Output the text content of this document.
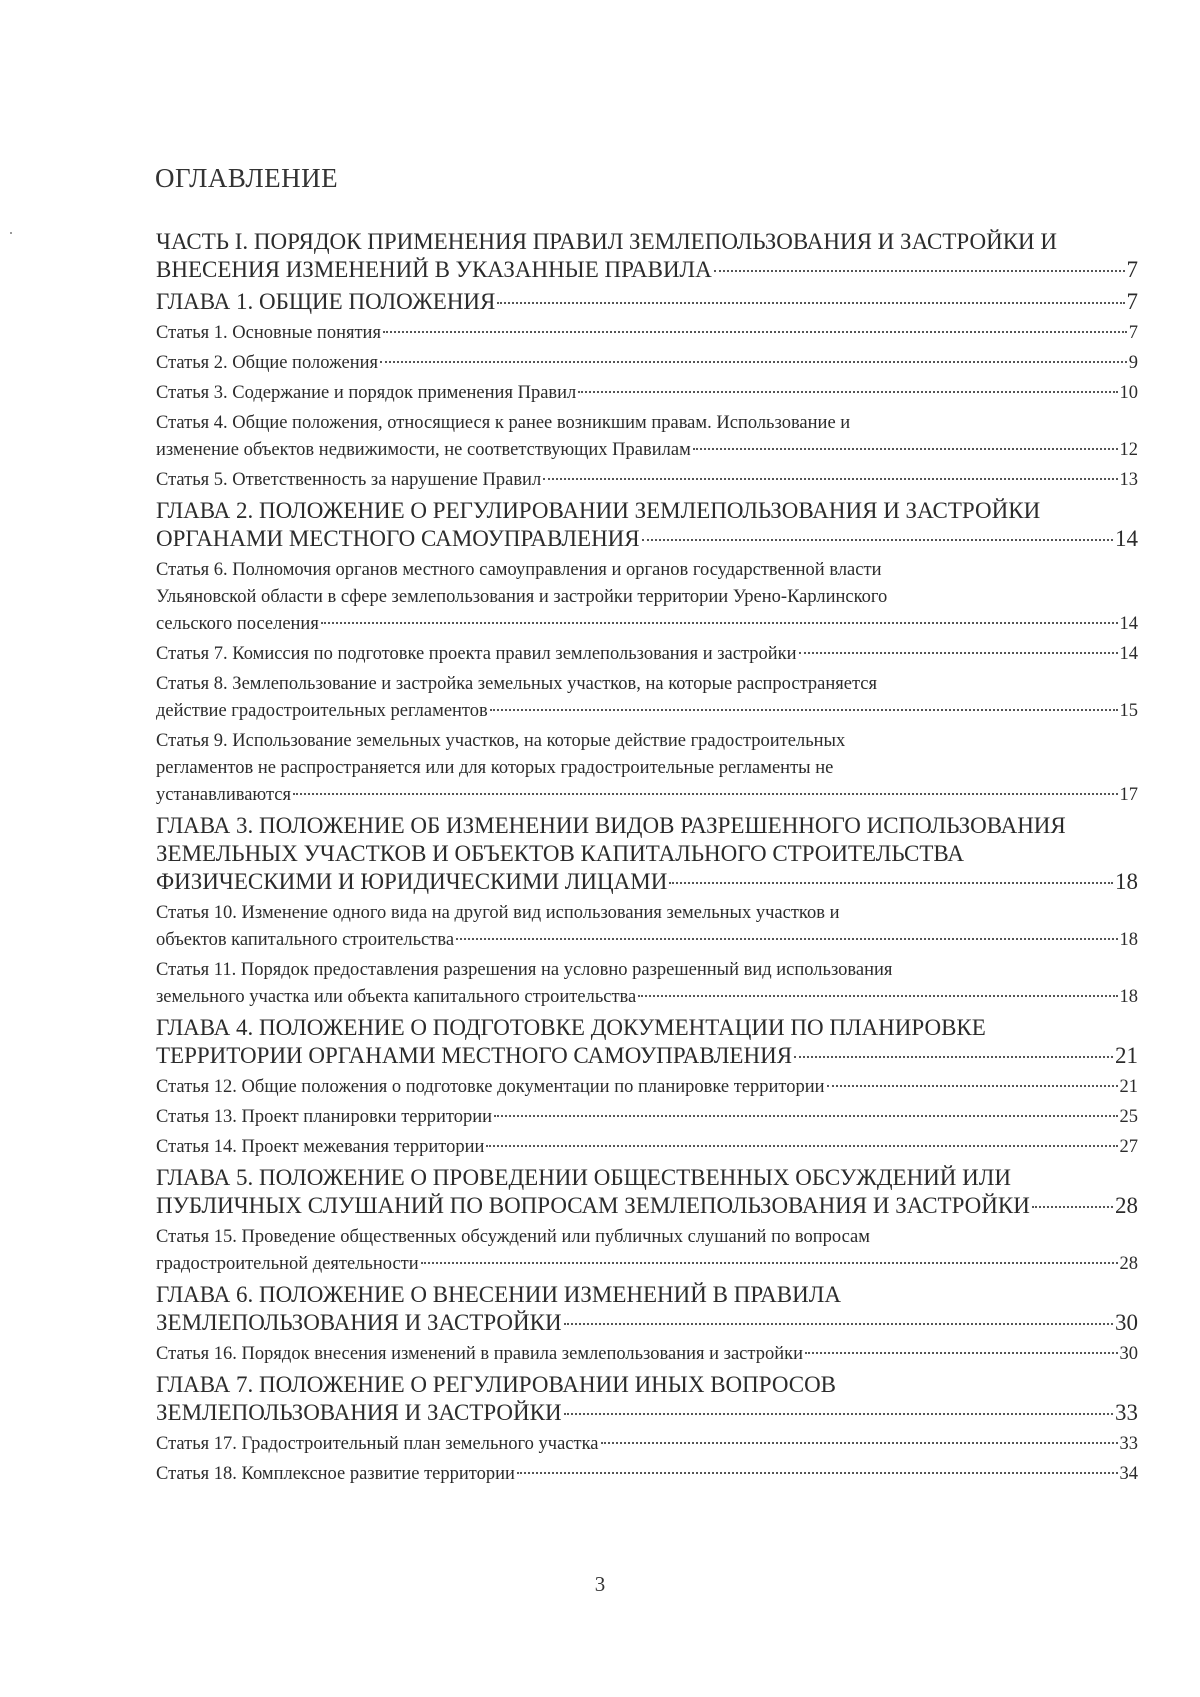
ОГЛАВЛЕНИЕ
ЧАСТЬ I. ПОРЯДОК ПРИМЕНЕНИЯ ПРАВИЛ ЗЕМЛЕПОЛЬЗОВАНИЯ И ЗАСТРОЙКИ И
ВНЕСЕНИЯ ИЗМЕНЕНИЙ В УКАЗАННЫЕ ПРАВИЛА	7
ГЛАВА 1. ОБЩИЕ ПОЛОЖЕНИЯ	7
Статья 1. Основные понятия	7
Статья 2. Общие положения	9
Статья 3. Содержание и порядок применения Правил	10
Статья 4. Общие положения, относящиеся к ранее возникшим правам. Использование и
изменение объектов недвижимости, не соответствующих Правилам	12
Статья 5. Ответственность за нарушение Правил	13
ГЛАВА 2. ПОЛОЖЕНИЕ О РЕГУЛИРОВАНИИ ЗЕМЛЕПОЛЬЗОВАНИЯ И ЗАСТРОЙКИ
ОРГАНАМИ МЕСТНОГО САМОУПРАВЛЕНИЯ	14
Статья 6. Полномочия органов местного самоуправления и органов государственной власти
Ульяновской области в сфере землепользования и застройки территории Урено-Карлинского
сельского поселения	14
Статья 7. Комиссия по подготовке проекта правил землепользования и застройки	14
Статья 8. Землепользование и застройка земельных участков, на которые распространяется
действие градостроительных регламентов	15
Статья 9. Использование земельных участков, на которые действие градостроительных
регламентов не распространяется или для которых градостроительные регламенты не
устанавливаются	17
ГЛАВА 3. ПОЛОЖЕНИЕ ОБ ИЗМЕНЕНИИ ВИДОВ РАЗРЕШЕННОГО ИСПОЛЬЗОВАНИЯ
ЗЕМЕЛЬНЫХ УЧАСТКОВ И ОБЪЕКТОВ КАПИТАЛЬНОГО СТРОИТЕЛЬСТВА
ФИЗИЧЕСКИМИ И ЮРИДИЧЕСКИМИ ЛИЦАМИ	18
Статья 10. Изменение одного вида на другой вид использования земельных участков и
объектов капитального строительства	18
Статья 11. Порядок предоставления разрешения на условно разрешенный вид использования
земельного участка или объекта капитального строительства	18
ГЛАВА 4. ПОЛОЖЕНИЕ О ПОДГОТОВКЕ ДОКУМЕНТАЦИИ ПО ПЛАНИРОВКЕ
ТЕРРИТОРИИ ОРГАНАМИ МЕСТНОГО САМОУПРАВЛЕНИЯ	21
Статья 12. Общие положения о подготовке документации по планировке территории	21
Статья 13. Проект планировки территории	25
Статья 14. Проект межевания территории	27
ГЛАВА 5. ПОЛОЖЕНИЕ О ПРОВЕДЕНИИ ОБЩЕСТВЕННЫХ ОБСУЖДЕНИЙ ИЛИ
ПУБЛИЧНЫХ СЛУШАНИЙ ПО ВОПРОСАМ ЗЕМЛЕПОЛЬЗОВАНИЯ И ЗАСТРОЙКИ	28
Статья 15. Проведение общественных обсуждений или публичных слушаний по вопросам
градостроительной деятельности	28
ГЛАВА 6. ПОЛОЖЕНИЕ О ВНЕСЕНИИ ИЗМЕНЕНИЙ В ПРАВИЛА
ЗЕМЛЕПОЛЬЗОВАНИЯ И ЗАСТРОЙКИ	30
Статья 16. Порядок внесения изменений в правила землепользования и застройки	30
ГЛАВА 7. ПОЛОЖЕНИЕ О РЕГУЛИРОВАНИИ ИНЫХ ВОПРОСОВ
ЗЕМЛЕПОЛЬЗОВАНИЯ И ЗАСТРОЙКИ	33
Статья 17. Градостроительный план земельного участка	33
Статья 18. Комплексное развитие территории	34
3
